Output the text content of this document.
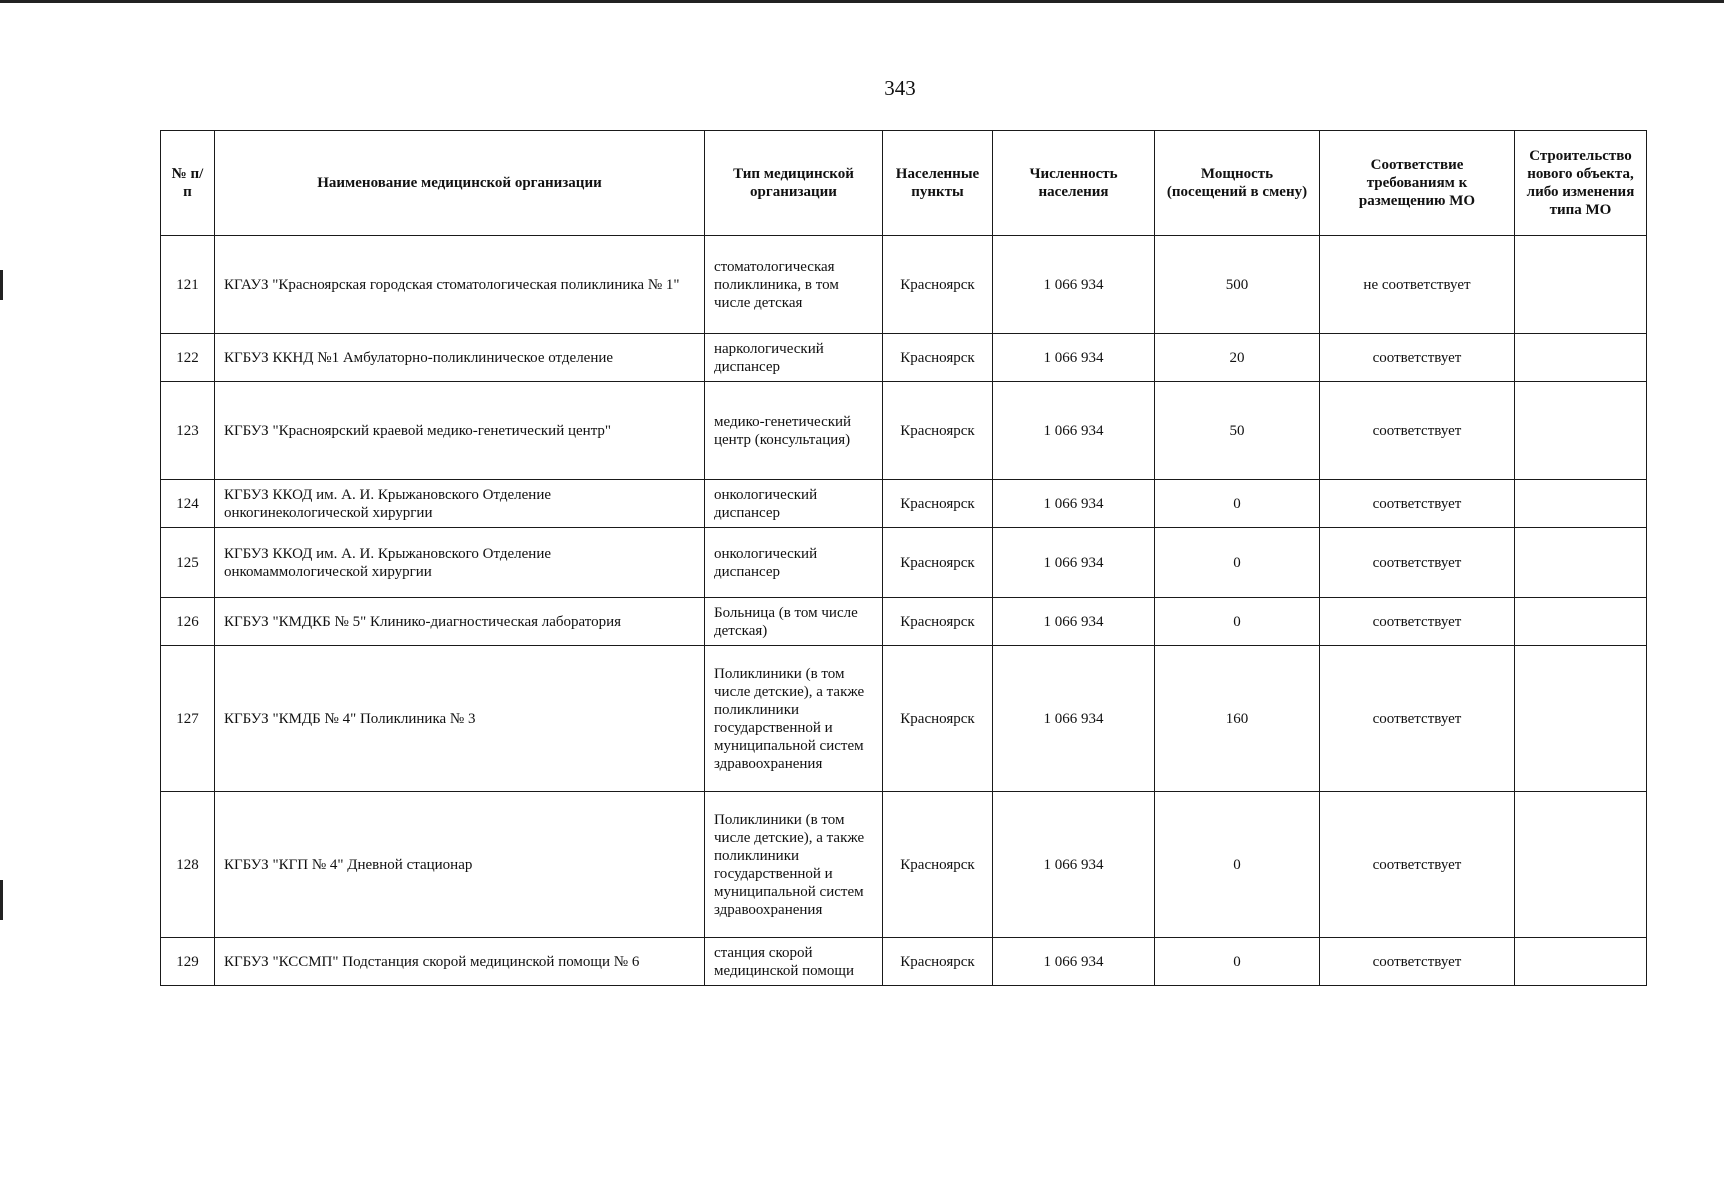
343
№ п/п	Наименование медицинской организации	Тип медицинской организации	Населенные пункты	Численность населения	Мощность (посещений в смену)	Соответствие требованиям к размещению МО	Строительство нового объекта, либо изменения типа МО
121	КГАУЗ "Красноярская городская стоматологическая поликлиника № 1"	стоматологическая поликлиника, в том числе детская	Красноярск	1 066 934	500	не соответствует	
122	КГБУЗ ККНД №1 Амбулаторно-поликлиническое отделение	наркологический диспансер	Красноярск	1 066 934	20	соответствует	
123	КГБУЗ "Красноярский краевой медико-генетический центр"	медико-генетический центр (консультация)	Красноярск	1 066 934	50	соответствует	
124	КГБУЗ ККОД им. А. И. Крыжановского Отделение онкогинекологической хирургии	онкологический диспансер	Красноярск	1 066 934	0	соответствует	
125	КГБУЗ ККОД им. А. И. Крыжановского Отделение онкомаммологической хирургии	онкологический диспансер	Красноярск	1 066 934	0	соответствует	
126	КГБУЗ "КМДКБ № 5" Клинико-диагностическая лаборатория	Больница (в том числе детская)	Красноярск	1 066 934	0	соответствует	
127	КГБУЗ "КМДБ № 4" Поликлиника № 3	Поликлиники (в том числе детские), а также поликлиники государственной и муниципальной систем здравоохранения	Красноярск	1 066 934	160	соответствует	
128	КГБУЗ "КГП № 4" Дневной стационар	Поликлиники (в том числе детские), а также поликлиники государственной и муниципальной систем здравоохранения	Красноярск	1 066 934	0	соответствует	
129	КГБУЗ "КССМП" Подстанция скорой медицинской помощи № 6	станция скорой медицинской помощи	Красноярск	1 066 934	0	соответствует	
